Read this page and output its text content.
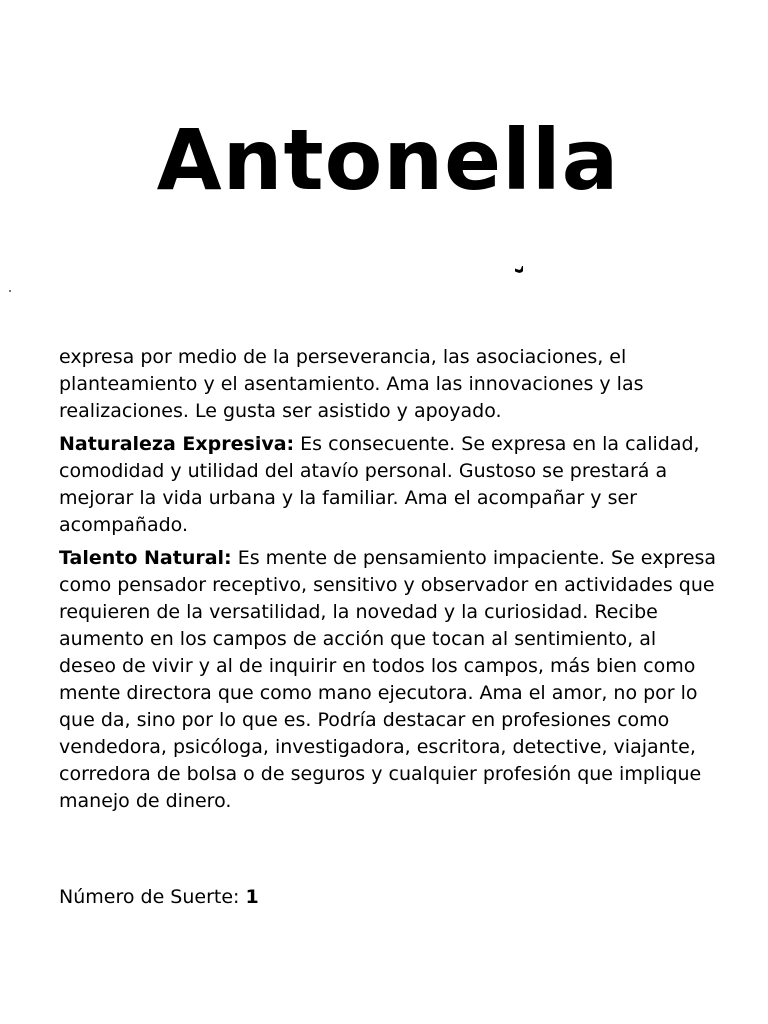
Antonella

expresa por medio de la perseverancia, las asociaciones, el planteamiento y el asentamiento. Ama las innovaciones y las realizaciones. Le gusta ser asistido y apoyado.

Naturaleza Expresiva: Es consecuente. Se expresa en la calidad, comodidad y utilidad del atavío personal. Gustoso se prestará a mejorar la vida urbana y la familiar. Ama el acompañar y ser acompañado.

Talento Natural: Es mente de pensamiento impaciente. Se expresa como pensador receptivo, sensitivo y observador en actividades que requieren de la versatilidad, la novedad y la curiosidad. Recibe aumento en los campos de acción que tocan al sentimiento, al deseo de vivir y al de inquirir en todos los campos, más bien como mente directora que como mano ejecutora. Ama el amor, no por lo que da, sino por lo que es. Podría destacar en profesiones como vendedora, psicóloga, investigadora, escritora, detective, viajante, corredora de bolsa o de seguros y cualquier profesión que implique manejo de dinero.

Número de Suerte: 1
